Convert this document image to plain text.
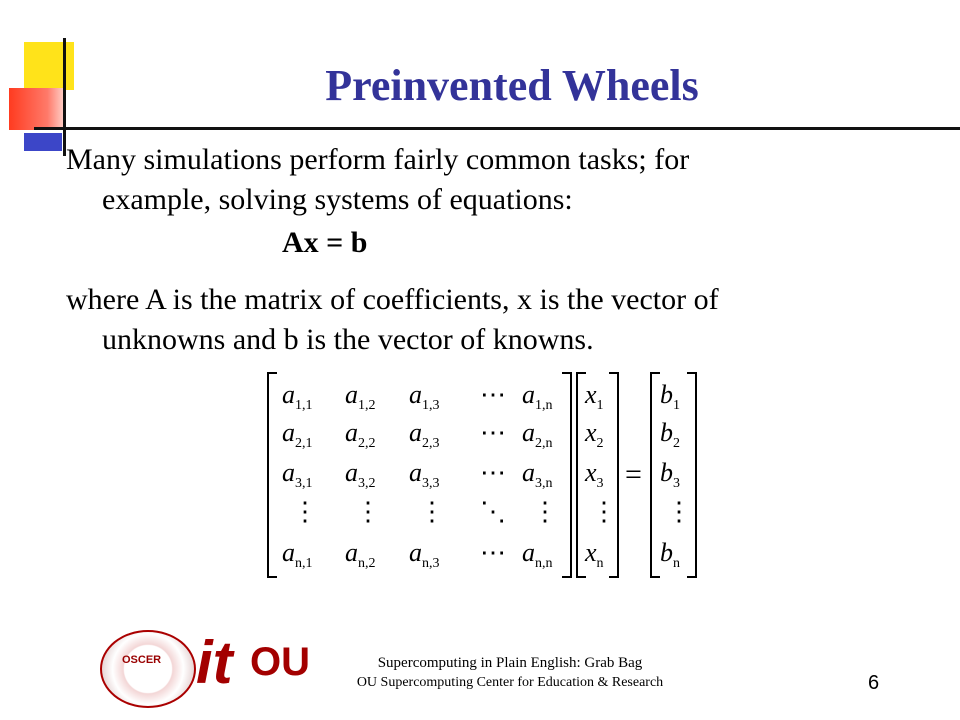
Preinvented Wheels
Many simulations perform fairly common tasks; for
example, solving systems of equations:
Ax = b
where A is the matrix of coefficients, x is the vector of
unknowns and b is the vector of knowns.
=
$a_{1,1}$ $a_{1,2}$ $a_{1,3}$ ⋯ $a_{1,n}$
$a_{2,1}$ $a_{2,2}$ $a_{2,3}$ ⋯ $a_{2,n}$
$a_{3,1}$ $a_{3,2}$ $a_{3,3}$ ⋯ $a_{3,n}$
⋮ ⋮ ⋮ ⋱ ⋮
$a_{n,1}$ $a_{n,2}$ $a_{n,3}$ ⋯ $a_{n,n}$
$x_1$
$x_2$
$x_3$
⋮
$x_n$
$b_1$
$b_2$
$b_3$
⋮
$b_n$
OSCER it OU	Supercomputing in Plain English: Grab Bag
OU Supercomputing Center for Education & Research	6
